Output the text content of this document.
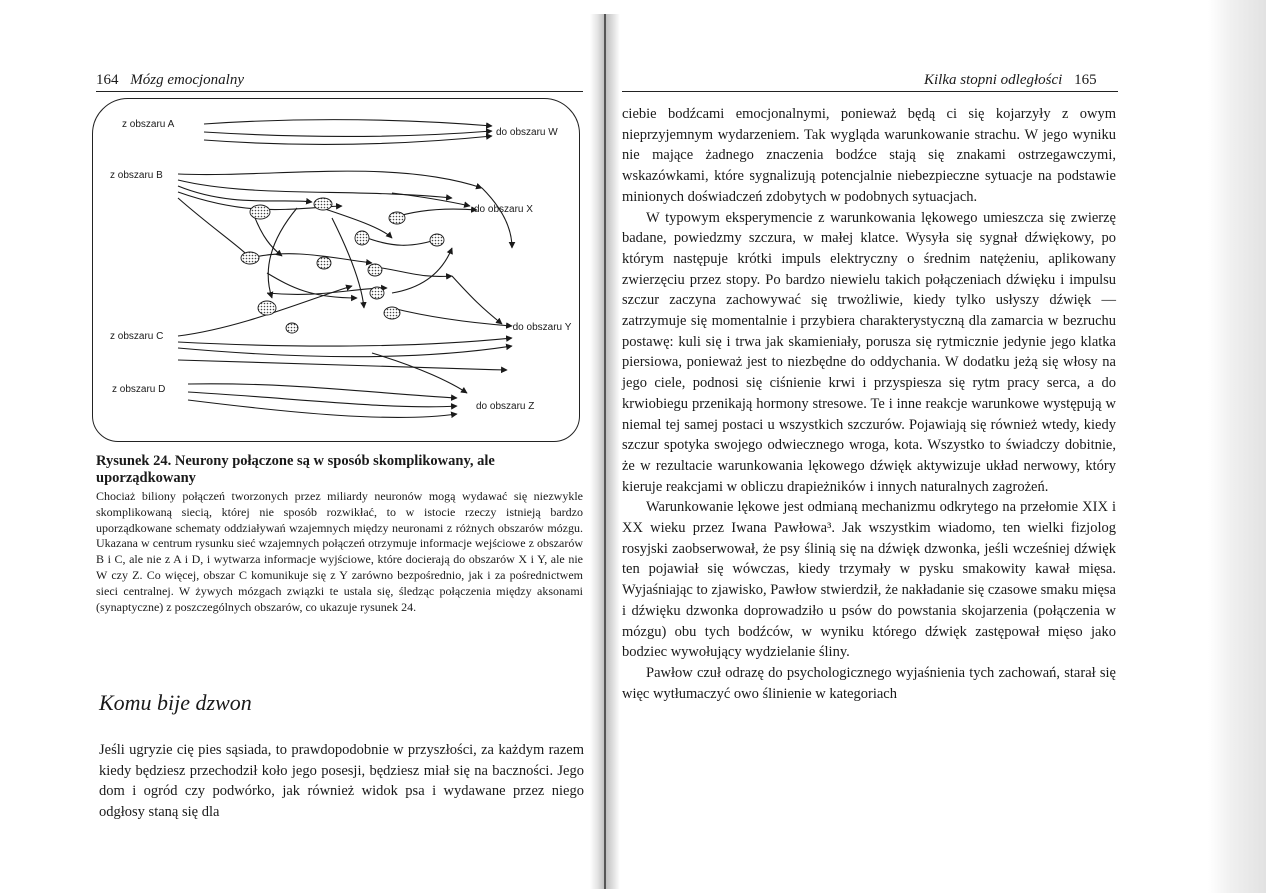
164 Mózg emocjonalny
z obszaru A
z obszaru B
z obszaru C
z obszaru D
do obszaru W
do obszaru X
do obszaru Y
do obszaru Z
Rysunek 24. Neurony połączone są w sposób skomplikowany, ale uporządkowany
Chociaż biliony połączeń tworzonych przez miliardy neuronów mogą wydawać się niezwykle skomplikowaną siecią, której nie sposób rozwikłać, to w istocie rzeczy istnieją bardzo uporządkowane schematy oddziaływań wzajemnych między neuronami z różnych obszarów mózgu. Ukazana w centrum rysunku sieć wzajemnych połączeń otrzymuje informacje wejściowe z obszarów B i C, ale nie z A i D, i wytwarza informacje wyjściowe, które docierają do obszarów X i Y, ale nie W czy Z. Co więcej, obszar C komunikuje się z Y zarówno bezpośrednio, jak i za pośrednictwem sieci centralnej. W żywych mózgach związki te ustala się, śledząc połączenia między aksonami (synaptyczne) z poszczególnych obszarów, co ukazuje rysunek 24.
Komu bije dzwon
Jeśli ugryzie cię pies sąsiada, to prawdopodobnie w przyszłości, za każdym razem kiedy będziesz przechodził koło jego posesji, będziesz miał się na baczności. Jego dom i ogród czy podwórko, jak również widok psa i wydawane przez niego odgłosy staną się dla
Kilka stopni odległości 165

ciebie bodźcami emocjonalnymi, ponieważ będą ci się kojarzyły z owym nieprzyjemnym wydarzeniem. Tak wygląda warunkowanie strachu. W jego wyniku nie mające żadnego znaczenia bodźce stają się znakami ostrzegawczymi, wskazówkami, które sygnalizują potencjalnie niebezpieczne sytuacje na podstawie minionych doświadczeń zdobytych w podobnych sytuacjach.

W typowym eksperymencie z warunkowania lękowego umieszcza się zwierzę badane, powiedzmy szczura, w małej klatce. Wysyła się sygnał dźwiękowy, po którym następuje krótki impuls elektryczny o średnim natężeniu, aplikowany zwierzęciu przez stopy. Po bardzo niewielu takich połączeniach dźwięku i impulsu szczur zaczyna zachowywać się trwożliwie, kiedy tylko usłyszy dźwięk — zatrzymuje się momentalnie i przybiera charakterystyczną dla zamarcia w bezruchu postawę: kuli się i trwa jak skamieniały, porusza się rytmicznie jedynie jego klatka piersiowa, ponieważ jest to niezbędne do oddychania. W dodatku jeżą się włosy na jego ciele, podnosi się ciśnienie krwi i przyspiesza się rytm pracy serca, a do krwiobiegu przenikają hormony stresowe. Te i inne reakcje warunkowe występują w niemal tej samej postaci u wszystkich szczurów. Pojawiają się również wtedy, kiedy szczur spotyka swojego odwiecznego wroga, kota. Wszystko to świadczy dobitnie, że w rezultacie warunkowania lękowego dźwięk aktywizuje układ nerwowy, który kieruje reakcjami w obliczu drapieżników i innych naturalnych zagrożeń.

Warunkowanie lękowe jest odmianą mechanizmu odkrytego na przełomie XIX i XX wieku przez Iwana Pawłowa³. Jak wszystkim wiadomo, ten wielki fizjolog rosyjski zaobserwował, że psy ślinią się na dźwięk dzwonka, jeśli wcześniej dźwięk ten pojawiał się wówczas, kiedy trzymały w pysku smakowity kawał mięsa. Wyjaśniając to zjawisko, Pawłow stwierdził, że nakładanie się czasowe smaku mięsa i dźwięku dzwonka doprowadziło u psów do powstania skojarzenia (połączenia w mózgu) obu tych bodźców, w wyniku którego dźwięk zastępował mięso jako bodziec wywołujący wydzielanie śliny.

Pawłow czuł odrazę do psychologicznego wyjaśnienia tych zachowań, starał się więc wytłumaczyć owo ślinienie w kategoriach
